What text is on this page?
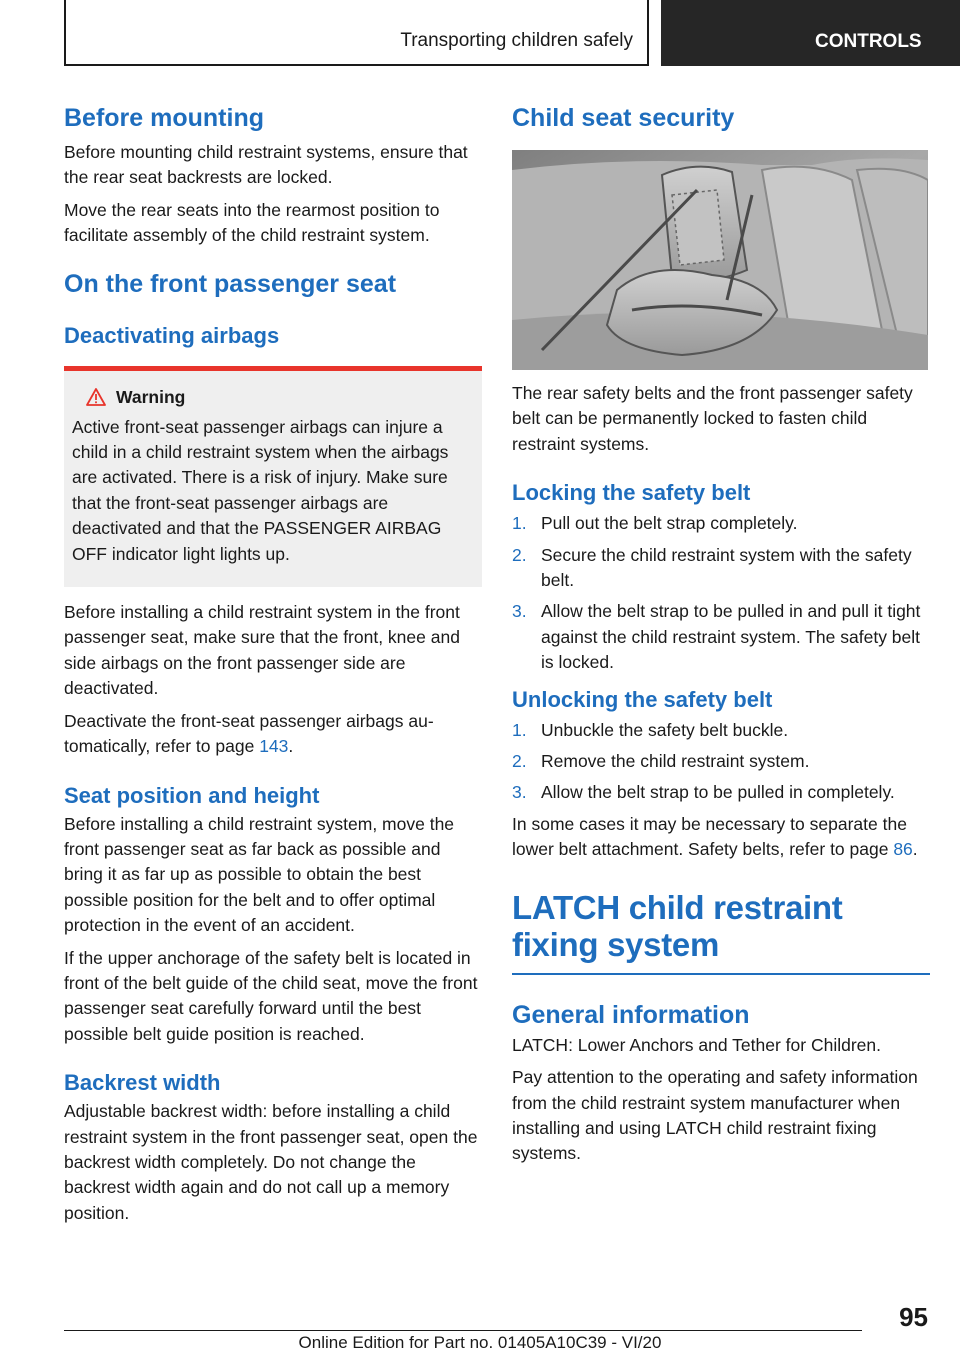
Transporting children safely	CONTROLS
Before mounting
Before mounting child restraint systems, ensure that the rear seat backrests are locked.
Move the rear seats into the rearmost position to facilitate assembly of the child restraint system.
On the front passenger seat
Deactivating airbags
Warning
Active front-seat passenger airbags can injure a child in a child restraint system when the airbags are activated. There is a risk of injury. Make sure that the front-seat passenger airbags are deactivated and that the PASSENGER AIRBAG OFF indicator light lights up.
Before installing a child restraint system in the front passenger seat, make sure that the front, knee and side airbags on the front passenger side are deactivated.
Deactivate the front-seat passenger airbags automatically, refer to page 143.
Seat position and height
Before installing a child restraint system, move the front passenger seat as far back as possible and bring it as far up as possible to obtain the best possible position for the belt and to offer optimal protection in the event of an accident.
If the upper anchorage of the safety belt is located in front of the belt guide of the child seat, move the front passenger seat carefully forward until the best possible belt guide position is reached.
Backrest width
Adjustable backrest width: before installing a child restraint system in the front passenger seat, open the backrest width completely. Do not change the backrest width again and do not call up a memory position.
Child seat security
The rear safety belts and the front passenger safety belt can be permanently locked to fasten child restraint systems.
Locking the safety belt
1. Pull out the belt strap completely.
2. Secure the child restraint system with the safety belt.
3. Allow the belt strap to be pulled in and pull it tight against the child restraint system. The safety belt is locked.
Unlocking the safety belt
1. Unbuckle the safety belt buckle.
2. Remove the child restraint system.
3. Allow the belt strap to be pulled in completely.
In some cases it may be necessary to separate the lower belt attachment. Safety belts, refer to page 86.
LATCH child restraint fixing system
General information
LATCH: Lower Anchors and Tether for Children.
Pay attention to the operating and safety information from the child restraint system manufacturer when installing and using LATCH child restraint fixing systems.
95
Online Edition for Part no. 01405A10C39 - VI/20
